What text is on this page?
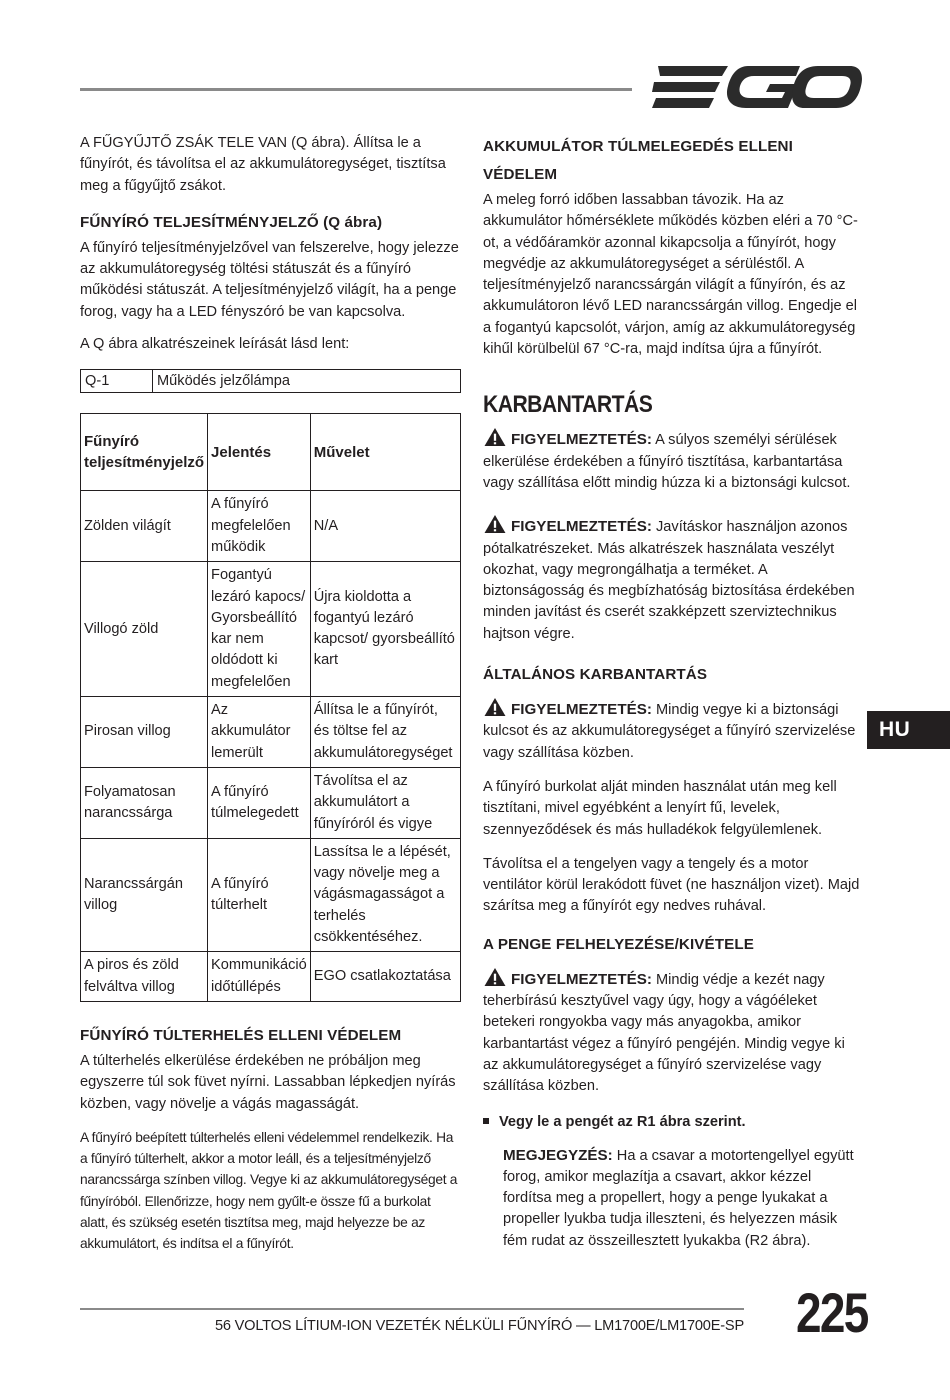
A FŰGYŰJTŐ ZSÁK TELE VAN (Q ábra). Állítsa le a fűnyírót, és távolítsa el az akkumulátoregységet, tisztítsa meg a fűgyűjtő zsákot.

FŰNYÍRÓ TELJESÍTMÉNYJELZŐ (Q ábra)

A fűnyíró teljesítményjelzővel van felszerelve, hogy jelezze az akkumulátoregység töltési státuszát és a fűnyíró működési státuszát. A teljesítményjelző világít, ha a penge forog, vagy ha a LED fényszóró be van kapcsolva.

A Q ábra alkatrészeinek leírását lásd lent:

Q-1	Működés jelzőlámpa
Fűnyíró teljesítményjelző	Jelentés	Művelet
Zölden világít	A fűnyíró megfelelően működik	N/A
Villogó zöld	Fogantyú lezáró kapocs/ Gyorsbeállító kar nem oldódott ki megfelelően	Újra kioldotta a fogantyú lezáró kapcsot/ gyorsbeállító kart
Pirosan villog	Az akkumulátor lemerült	Állítsa le a fűnyírót, és töltse fel az akkumulátoregységet
Folyamatosan narancssárga	A fűnyíró túlmelegedett	Távolítsa el az akkumulátort a fűnyíróról és vigye
Narancssárgán villog	A fűnyíró túlterhelt	Lassítsa le a lépését, vagy növelje meg a vágásmagasságot a terhelés csökkentéséhez.
A piros és zöld felváltva villog	Kommunikáció időtúllépés	EGO csatlakoztatása
FŰNYÍRÓ TÚLTERHELÉS ELLENI VÉDELEM

A túlterhelés elkerülése érdekében ne próbáljon meg egyszerre túl sok füvet nyírni. Lassabban lépkedjen nyírás közben, vagy növelje a vágás magasságát.

A fűnyíró beépített túlterhelés elleni védelemmel rendelkezik. Ha a fűnyíró túlterhelt, akkor a motor leáll, és a teljesítményjelző narancssárga színben villog. Vegye ki az akkumulátoregységet a fűnyíróból. Ellenőrizze, hogy nem gyűlt-e össze fű a burkolat alatt, és szükség esetén tisztítsa meg, majd helyezze be az akkumulátort, és indítsa el a fűnyírót.

AKKUMULÁTOR TÚLMELEGEDÉS ELLENI VÉDELEM

A meleg forró időben lassabban távozik. Ha az akkumulátor hőmérséklete működés közben eléri a 70 °C-ot, a védőáramkör azonnal kikapcsolja a fűnyírót, hogy megvédje az akkumulátoregységet a sérüléstől. A teljesítményjelző narancssárgán világít a fűnyírón, és az akkumulátoron lévő LED narancssárgán villog. Engedje el a fogantyú kapcsolót, várjon, amíg az akkumulátoregység kihűl körülbelül 67 °C-ra, majd indítsa újra a fűnyírót.

KARBANTARTÁS

FIGYELMEZTETÉS: A súlyos személyi sérülések elkerülése érdekében a fűnyíró tisztítása, karbantartása vagy szállítása előtt mindig húzza ki a biztonsági kulcsot.

FIGYELMEZTETÉS: Javításkor használjon azonos pótalkatrészeket. Más alkatrészek használata veszélyt okozhat, vagy megrongálhatja a terméket. A biztonságosság és megbízhatóság biztosítása érdekében minden javítást és cserét szakképzett szerviztechnikus hajtson végre.

ÁLTALÁNOS KARBANTARTÁS

FIGYELMEZTETÉS: Mindig vegye ki a biztonsági kulcsot és az akkumulátoregységet a fűnyíró szervizelése vagy szállítása közben.

A fűnyíró burkolat alját minden használat után meg kell tisztítani, mivel egyébként a lenyírt fű, levelek, szennyeződések és más hulladékok felgyülemlenek.

Távolítsa el a tengelyen vagy a tengely és a motor ventilátor körül lerakódott füvet (ne használjon vizet). Majd szárítsa meg a fűnyírót egy nedves ruhával.

A PENGE FELHELYEZÉSE/KIVÉTELE

FIGYELMEZTETÉS: Mindig védje a kezét nagy teherbírású kesztyűvel vagy úgy, hogy a vágóéleket betekeri rongyokba vagy más anyagokba, amikor karbantartást végez a fűnyíró pengéjén. Mindig vegye ki az akkumulátoregységet a fűnyíró szervizelése vagy szállítása közben.

Vegy le a pengét az R1 ábra szerint.

MEGJEGYZÉS: Ha a csavar a motortengellyel együtt forog, amikor meglazítja a csavart, akkor kézzel fordítsa meg a propellert, hogy a penge lyukakat a propeller lyukba tudja illeszteni, és helyezzen másik fém rudat az összeillesztett lyukakba (R2 ábra).

HU
56 VOLTOS LÍTIUM-ION VEZETÉK NÉLKÜLI FŰNYÍRÓ — LM1700E/LM1700E-SP 225
